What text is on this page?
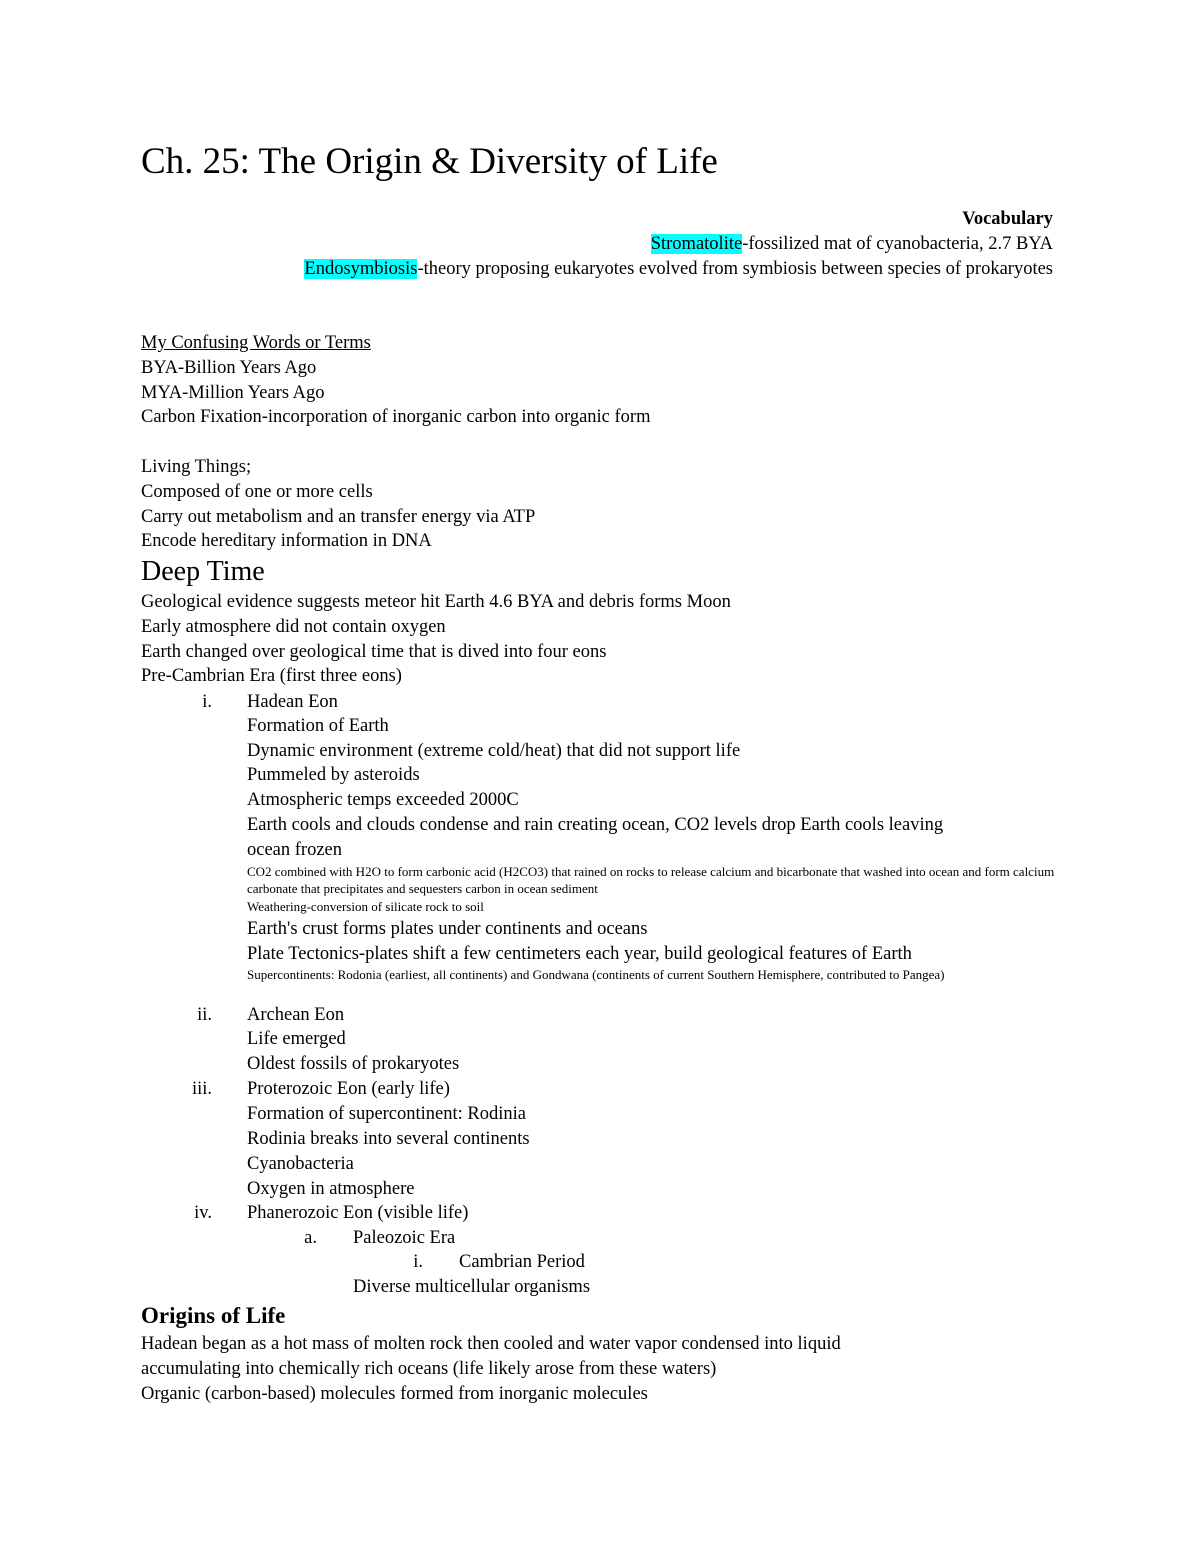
Ch. 25: The Origin & Diversity of Life
Vocabulary
Stromatolite-fossilized mat of cyanobacteria, 2.7 BYA
Endosymbiosis-theory proposing eukaryotes evolved from symbiosis between species of prokaryotes
My Confusing Words or Terms
BYA-Billion Years Ago
MYA-Million Years Ago
Carbon Fixation-incorporation of inorganic carbon into organic form
Living Things;
Composed of one or more cells
Carry out metabolism and an transfer energy via ATP
Encode hereditary information in DNA
Deep Time
Geological evidence suggests meteor hit Earth 4.6 BYA and debris forms Moon
Early atmosphere did not contain oxygen
Earth changed over geological time that is dived into four eons
Pre-Cambrian Era (first three eons)
i. Hadean Eon
Formation of Earth
Dynamic environment (extreme cold/heat) that did not support life
Pummeled by asteroids
Atmospheric temps exceeded 2000C
Earth cools and clouds condense and rain creating ocean, CO2 levels drop Earth cools leaving
ocean frozen
CO2 combined with H2O to form carbonic acid (H2CO3) that rained on rocks to release calcium and bicarbonate that washed into ocean and form calcium carbonate that precipitates and sequesters carbon in ocean sediment
Weathering-conversion of silicate rock to soil
Earth's crust forms plates under continents and oceans
Plate Tectonics-plates shift a few centimeters each year, build geological features of Earth
Supercontinents: Rodonia (earliest, all continents) and Gondwana (continents of current Southern Hemisphere, contributed to Pangea)
ii. Archean Eon
Life emerged
Oldest fossils of prokaryotes
iii. Proterozoic Eon (early life)
Formation of supercontinent: Rodinia
Rodinia breaks into several continents
Cyanobacteria
Oxygen in atmosphere
iv. Phanerozoic Eon (visible life)
a. Paleozoic Era
i. Cambrian Period
Diverse multicellular organisms
Origins of Life
Hadean began as a hot mass of molten rock then cooled and water vapor condensed into liquid
accumulating into chemically rich oceans (life likely arose from these waters)
Organic (carbon-based) molecules formed from inorganic molecules
